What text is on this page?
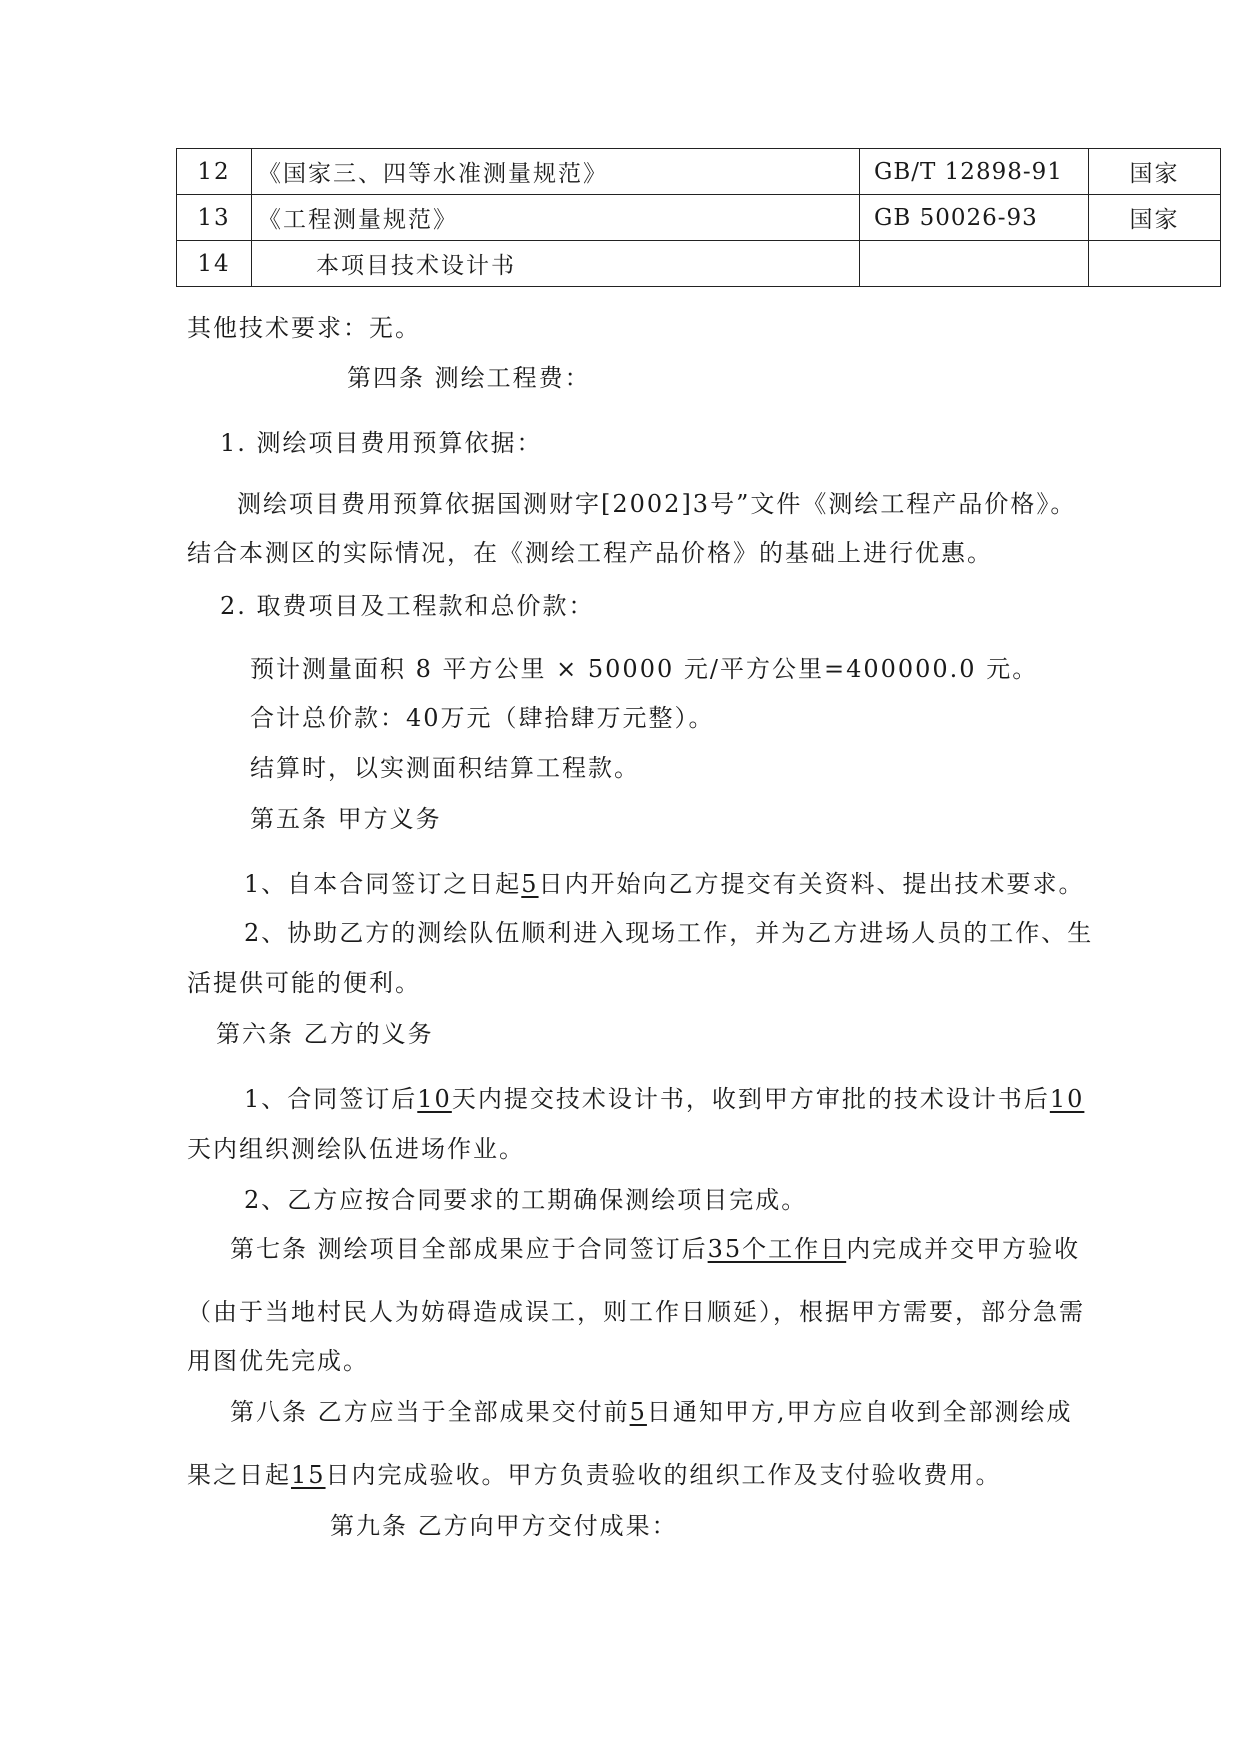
12	《国家三、四等水准测量规范》	GB/T 12898-91	国家
13	《工程测量规范》	GB 50026-93	国家
14	本项目技术设计书		
其他技术要求：无。
第四条 测绘工程费：
1. 测绘项目费用预算依据：
测绘项目费用预算依据国测财字[2002]3号”文件《测绘工程产品价格》。
结合本测区的实际情况，在《测绘工程产品价格》的基础上进行优惠。
2. 取费项目及工程款和总价款：
预计测量面积 8 平方公里 × 50000 元/平方公里=400000.0 元。
合计总价款：40万元（肆拾肆万元整）。
结算时，以实测面积结算工程款。
第五条 甲方义务
1、自本合同签订之日起5日内开始向乙方提交有关资料、提出技术要求。
2、协助乙方的测绘队伍顺利进入现场工作，并为乙方进场人员的工作、生
活提供可能的便利。
第六条 乙方的义务
1、合同签订后10天内提交技术设计书，收到甲方审批的技术设计书后10
天内组织测绘队伍进场作业。
2、乙方应按合同要求的工期确保测绘项目完成。
第七条 测绘项目全部成果应于合同签订后35个工作日内完成并交甲方验收
（由于当地村民人为妨碍造成误工，则工作日顺延），根据甲方需要，部分急需
用图优先完成。
第八条 乙方应当于全部成果交付前5日通知甲方,甲方应自收到全部测绘成
果之日起15日内完成验收。甲方负责验收的组织工作及支付验收费用。
第九条 乙方向甲方交付成果：
